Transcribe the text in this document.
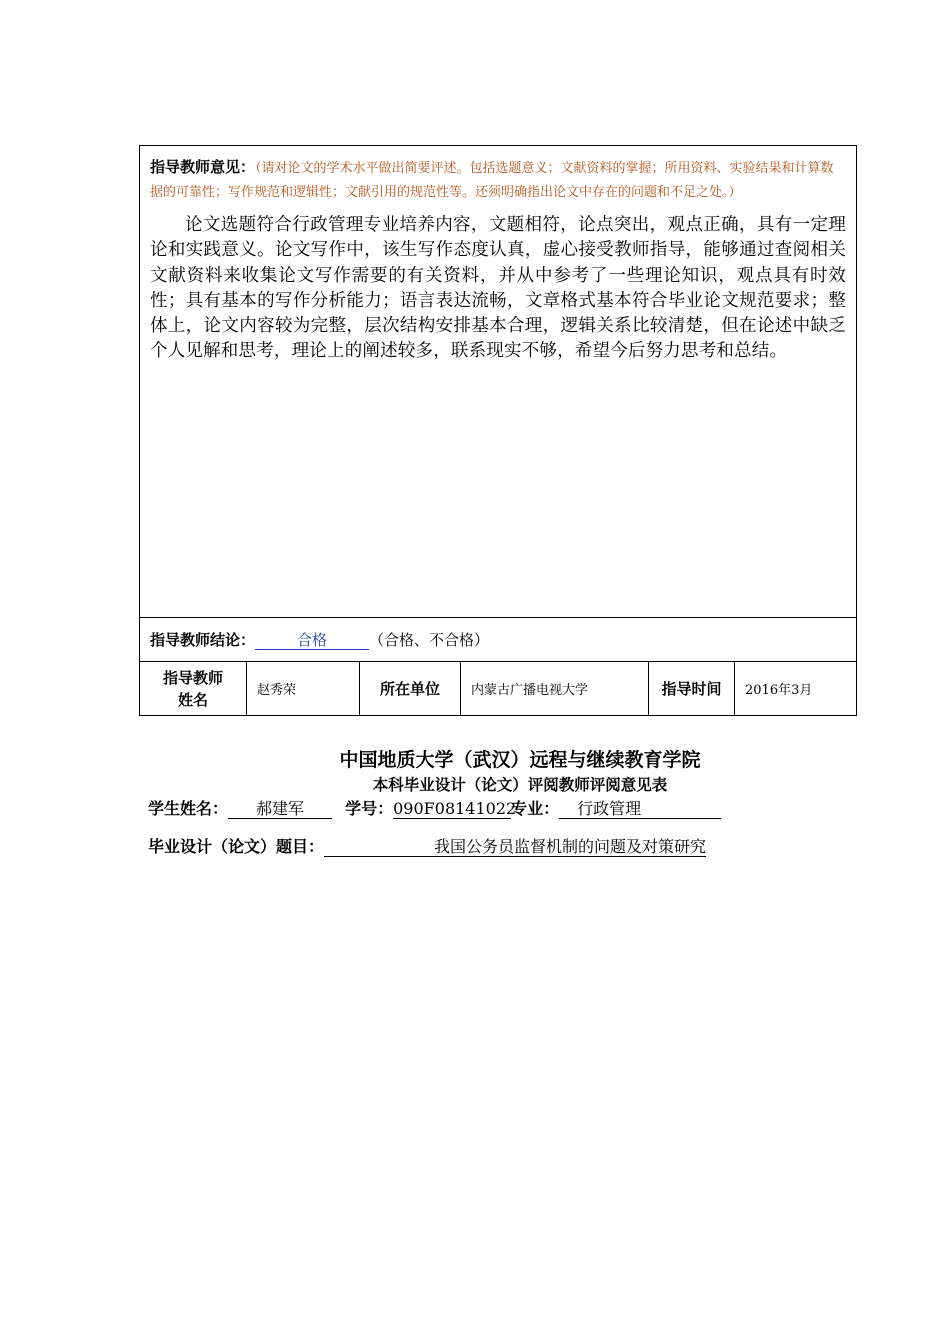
指导教师意见：（请对论文的学术水平做出简要评述。包括选题意义；文献资料的掌握；所用资料、实验结果和计算数据的可靠性；写作规范和逻辑性；文献引用的规范性等。还须明确指出论文中存在的问题和不足之处。）
论文选题符合行政管理专业培养内容，文题相符，论点突出，观点正确，具有一定理论和实践意义。论文写作中，该生写作态度认真，虚心接受教师指导，能够通过查阅相关文献资料来收集论文写作需要的有关资料，并从中参考了一些理论知识，观点具有时效性；具有基本的写作分析能力；语言表达流畅，文章格式基本符合毕业论文规范要求；整体上，论文内容较为完整，层次结构安排基本合理，逻辑关系比较清楚，但在论述中缺乏个人见解和思考，理论上的阐述较多，联系现实不够，希望今后努力思考和总结。

指导教师结论：	合格	（合格、不合格）
指导教师姓名	赵秀荣	所在单位	内蒙古广播电视大学	指导时间	2016年3月
中国地质大学（武汉）远程与继续教育学院
本科毕业设计（论文）评阅教师评阅意见表
学生姓名： 郝建军	学号：090F08141022专业： 行政管理
毕业设计（论文）题目：	我国公务员监督机制的问题及对策研究
